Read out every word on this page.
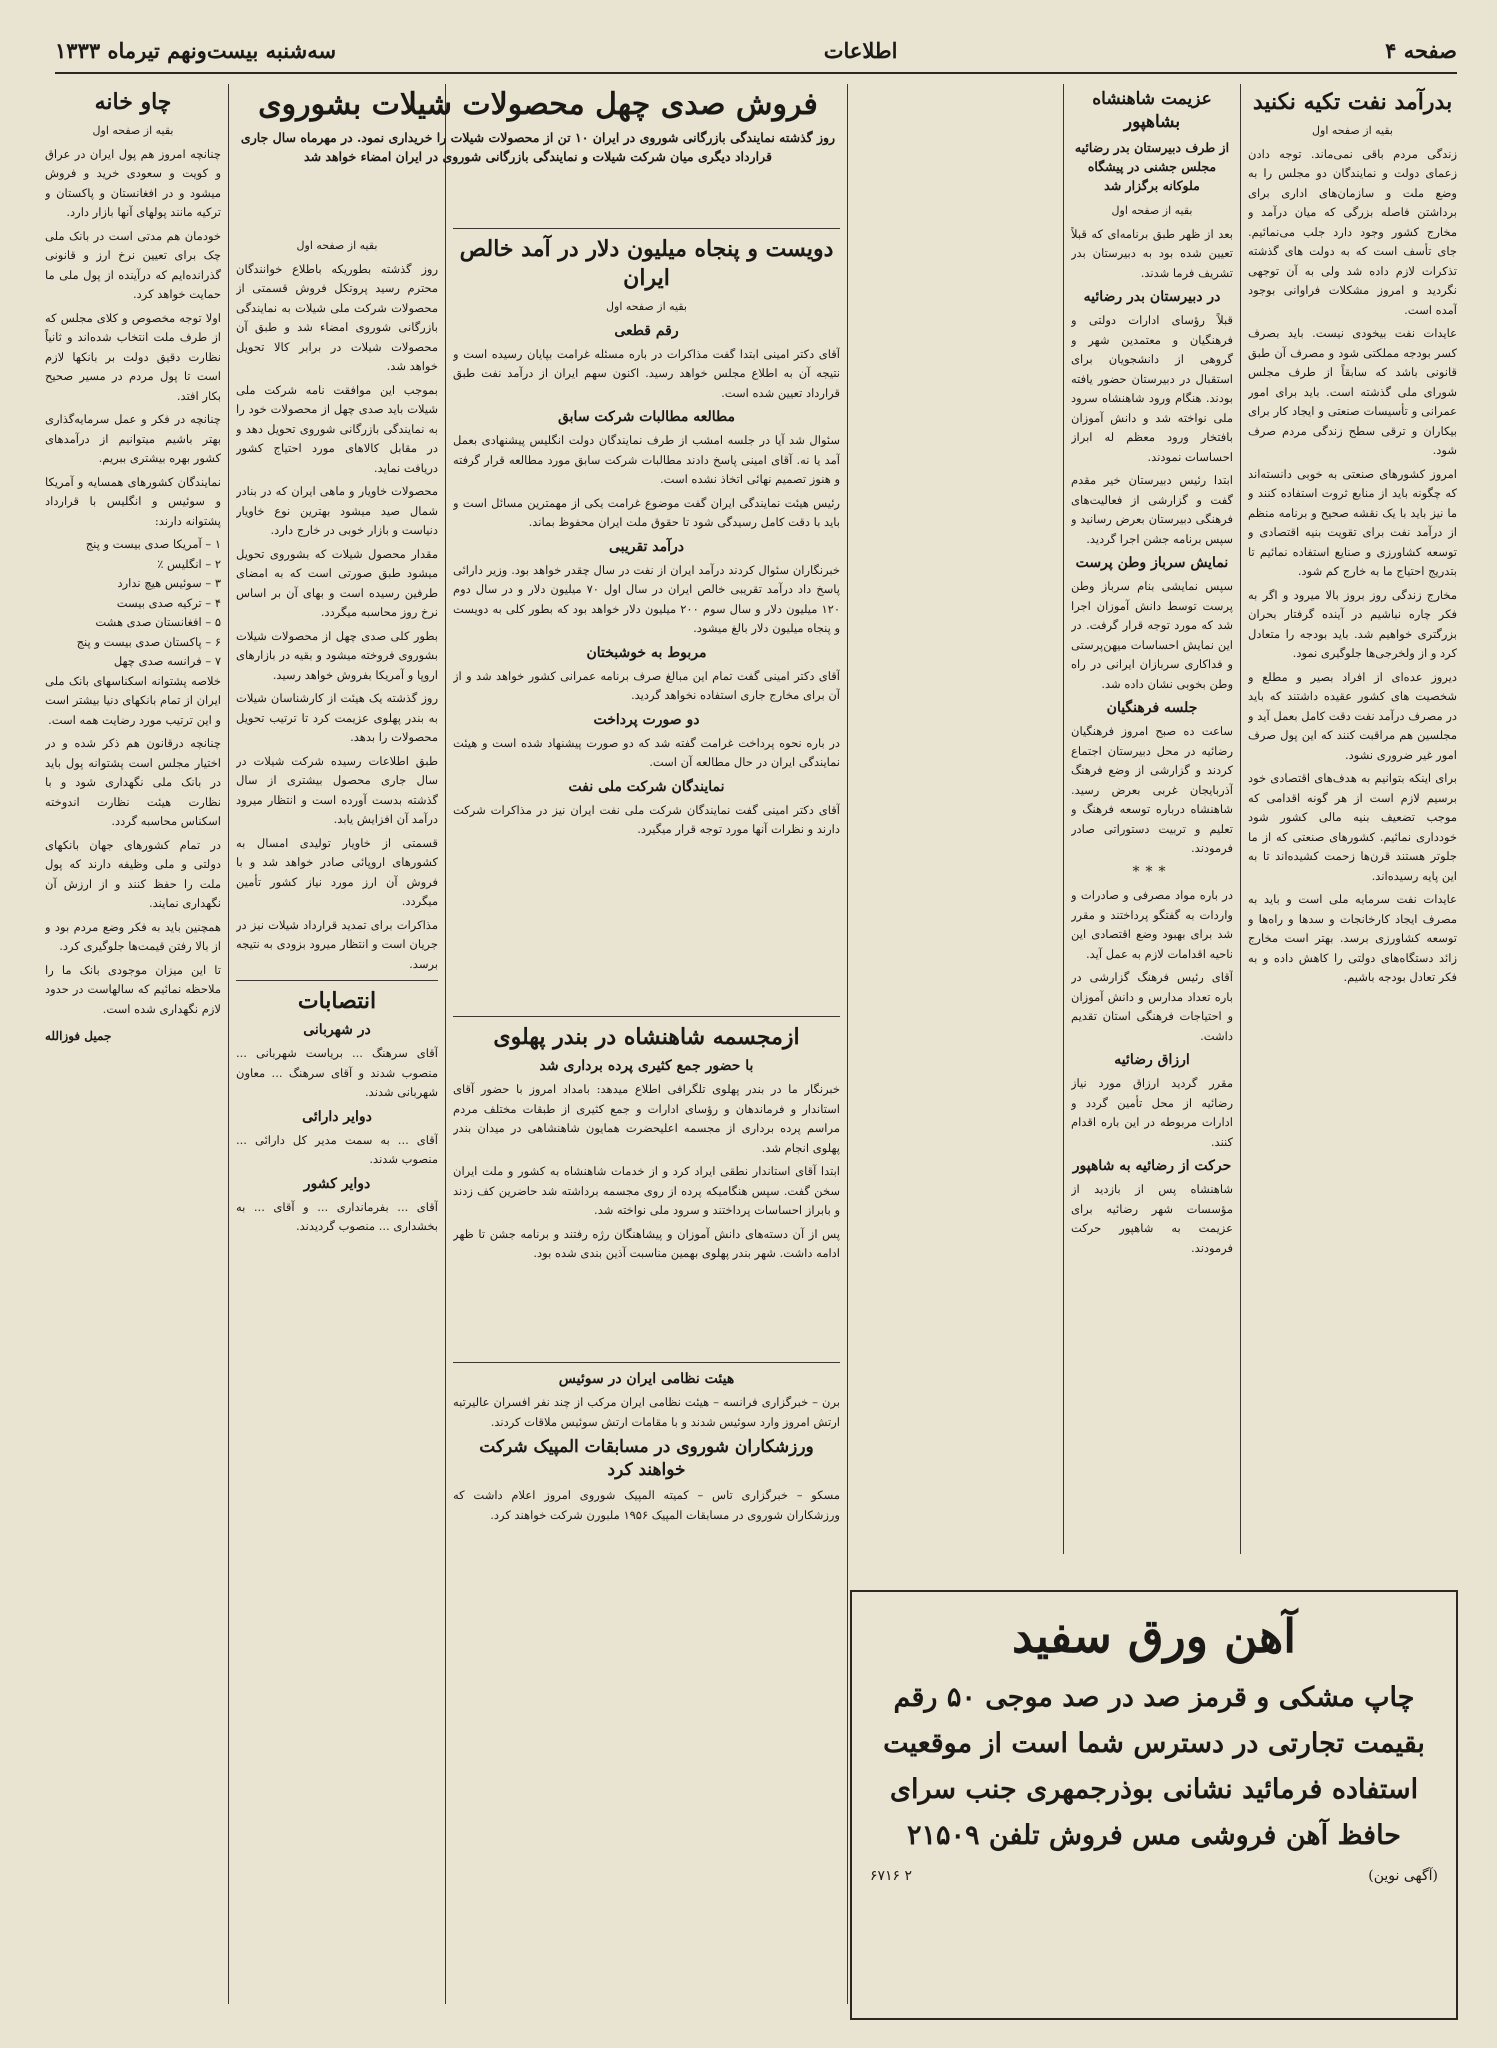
صفحه ۴
اطلاعات
سه‌شنبه بیست‌ونهم تیرماه ۱۳۳۳
بدرآمد نفت تکیه نکنید
بقیه از صفحه اول

زندگی مردم باقی نمی‌ماند. توجه دادن زعمای دولت و نمایندگان دو مجلس را به وضع ملت و سازمان‌های اداری برای برداشتن فاصله بزرگی که میان درآمد و مخارج کشور وجود دارد جلب می‌نمائیم. جای تأسف است که به دولت های گذشته تذکرات لازم داده شد ولی به آن توجهی نگردید و امروز مشکلات فراوانی بوجود آمده است.

عایدات نفت بیخودی نیست. باید بصرف کسر بودجه مملکتی شود و مصرف آن طبق قانونی باشد که سابقاً از طرف مجلس شورای ملی گذشته است. باید برای امور عمرانی و تأسیسات صنعتی و ایجاد کار برای بیکاران و ترقی سطح زندگی مردم صرف شود.

امروز کشورهای صنعتی به خوبی دانسته‌اند که چگونه باید از منابع ثروت استفاده کنند و ما نیز باید با یک نقشه صحیح و برنامه منظم از درآمد نفت برای تقویت بنیه اقتصادی و توسعه کشاورزی و صنایع استفاده نمائیم تا بتدریج احتیاج ما به خارج کم شود.

مخارج زندگی روز بروز بالا میرود و اگر به فکر چاره نباشیم در آینده گرفتار بحران بزرگتری خواهیم شد. باید بودجه را متعادل کرد و از ولخرجی‌ها جلوگیری نمود.

دیروز عده‌ای از افراد بصیر و مطلع و شخصیت های کشور عقیده داشتند که باید در مصرف درآمد نفت دقت کامل بعمل آید و مجلسین هم مراقبت کنند که این پول صرف امور غیر ضروری نشود.

برای اینکه بتوانیم به هدف‌های اقتصادی خود برسیم لازم است از هر گونه اقدامی که موجب تضعیف بنیه مالی کشور شود خودداری نمائیم. کشورهای صنعتی که از ما جلوتر هستند قرن‌ها زحمت کشیده‌اند تا به این پایه رسیده‌اند.

عایدات نفت سرمایه ملی است و باید به مصرف ایجاد کارخانجات و سدها و راه‌ها و توسعه کشاورزی برسد. بهتر است مخارج زائد دستگاه‌های دولتی را کاهش داده و به فکر تعادل بودجه باشیم.

عزیمت شاهنشاه بشاهپور
از طرف دبیرستان بدر رضائیه مجلس جشنی در پیشگاه ملوکانه برگزار شد
بقیه از صفحه اول

بعد از ظهر طبق برنامه‌ای که قبلاً تعیین شده بود به دبیرستان بدر تشریف فرما شدند.

در دبیرستان بدر رضائیه

قبلاً رؤسای ادارات دولتی و فرهنگیان و معتمدین شهر و گروهی از دانشجویان برای استقبال در دبیرستان حضور یافته بودند. هنگام ورود شاهنشاه سرود ملی نواخته شد و دانش آموزان بافتخار ورود معظم له ابراز احساسات نمودند.

ابتدا رئیس دبیرستان خیر مقدم گفت و گزارشی از فعالیت‌های فرهنگی دبیرستان بعرض رسانید و سپس برنامه جشن اجرا گردید.

نمایش سرباز وطن پرست

سپس نمایشی بنام سرباز وطن پرست توسط دانش آموزان اجرا شد که مورد توجه قرار گرفت. در این نمایش احساسات میهن‌پرستی و فداکاری سربازان ایرانی در راه وطن بخوبی نشان داده شد.

جلسه فرهنگیان

ساعت ده صبح امروز فرهنگیان رضائیه در محل دبیرستان اجتماع کردند و گزارشی از وضع فرهنگ آذربایجان غربی بعرض رسید. شاهنشاه درباره توسعه فرهنگ و تعلیم و تربیت دستوراتی صادر فرمودند.

***

در باره مواد مصرفی و صادرات و واردات به گفتگو پرداختند و مقرر شد برای بهبود وضع اقتصادی این ناحیه اقدامات لازم به عمل آید.

آقای رئیس فرهنگ گزارشی در باره تعداد مدارس و دانش آموزان و احتیاجات فرهنگی استان تقدیم داشت.

ارزاق رضائیه

مقرر گردید ارزاق مورد نیاز رضائیه از محل تأمین گردد و ادارات مربوطه در این باره اقدام کنند.

حرکت از رضائیه به شاهپور

شاهنشاه پس از بازدید از مؤسسات شهر رضائیه برای عزیمت به شاهپور حرکت فرمودند.

فروش صدی چهل محصولات شیلات بشوروی
روز گذشته نمایندگی بازرگانی شوروی در ایران ۱۰ تن از محصولات شیلات را خریداری نمود. در مهرماه سال جاری قرارداد دیگری میان شرکت شیلات و نمایندگی بازرگانی شوروی در ایران امضاء خواهد شد
دویست و پنجاه میلیون دلار در آمد خالص ایران
بقیه از صفحه اول
رقم قطعی

آقای دکتر امینی ابتدا گفت مذاکرات در باره مسئله غرامت بپایان رسیده است و نتیجه آن به اطلاع مجلس خواهد رسید. اکنون سهم ایران از درآمد نفت طبق قرارداد تعیین شده است.

مطالعه مطالبات شرکت سابق

سئوال شد آیا در جلسه امشب از طرف نمایندگان دولت انگلیس پیشنهادی بعمل آمد یا نه. آقای امینی پاسخ دادند مطالبات شرکت سابق مورد مطالعه قرار گرفته و هنوز تصمیم نهائی اتخاذ نشده است.

رئیس هیئت نمایندگی ایران گفت موضوع غرامت یکی از مهمترین مسائل است و باید با دقت کامل رسیدگی شود تا حقوق ملت ایران محفوظ بماند.

درآمد تقریبی

خبرنگاران سئوال کردند درآمد ایران از نفت در سال چقدر خواهد بود. وزیر دارائی پاسخ داد درآمد تقریبی خالص ایران در سال اول ۷۰ میلیون دلار و در سال دوم ۱۲۰ میلیون دلار و سال سوم ۲۰۰ میلیون دلار خواهد بود که بطور کلی به دویست و پنجاه میلیون دلار بالغ میشود.

مربوط به خوشبختان

آقای دکتر امینی گفت تمام این مبالغ صرف برنامه عمرانی کشور خواهد شد و از آن برای مخارج جاری استفاده نخواهد گردید.

دو صورت پرداخت

در باره نحوه پرداخت غرامت گفته شد که دو صورت پیشنهاد شده است و هیئت نمایندگی ایران در حال مطالعه آن است.

نمایندگان شرکت ملی نفت

آقای دکتر امینی گفت نمایندگان شرکت ملی نفت ایران نیز در مذاکرات شرکت دارند و نظرات آنها مورد توجه قرار میگیرد.

بقیه از صفحه اول

روز گذشته بطوریکه باطلاع خوانندگان محترم رسید پروتکل فروش قسمتی از محصولات شرکت ملی شیلات به نمایندگی بازرگانی شوروی امضاء شد و طبق آن محصولات شیلات در برابر کالا تحویل خواهد شد.

بموجب این موافقت نامه شرکت ملی شیلات باید صدی چهل از محصولات خود را به نمایندگی بازرگانی شوروی تحویل دهد و در مقابل کالاهای مورد احتیاج کشور دریافت نماید.

محصولات خاویار و ماهی ایران که در بنادر شمال صید میشود بهترین نوع خاویار دنیاست و بازار خوبی در خارج دارد.

مقدار محصول شیلات که بشوروی تحویل میشود طبق صورتی است که به امضای طرفین رسیده است و بهای آن بر اساس نرخ روز محاسبه میگردد.

بطور کلی صدی چهل از محصولات شیلات بشوروی فروخته میشود و بقیه در بازارهای اروپا و آمریکا بفروش خواهد رسید.

روز گذشته یک هیئت از کارشناسان شیلات به بندر پهلوی عزیمت کرد تا ترتیب تحویل محصولات را بدهد.

طبق اطلاعات رسیده شرکت شیلات در سال جاری محصول بیشتری از سال گذشته بدست آورده است و انتظار میرود درآمد آن افزایش یابد.

قسمتی از خاویار تولیدی امسال به کشورهای اروپائی صادر خواهد شد و با فروش آن ارز مورد نیاز کشور تأمین میگردد.

مذاکرات برای تمدید قرارداد شیلات نیز در جریان است و انتظار میرود بزودی به نتیجه برسد.

انتصابات
در شهربانی

آقای سرهنگ ... بریاست شهربانی ... منصوب شدند و آقای سرهنگ ... معاون شهربانی شدند.

دوایر دارائی

آقای ... به سمت مدیر کل دارائی ... منصوب شدند.

دوایر کشور

آقای ... بفرمانداری ... و آقای ... به بخشداری ... منصوب گردیدند.

چاو خانه
بقیه از صفحه اول

چنانچه امروز هم پول ایران در عراق و کویت و سعودی خرید و فروش میشود و در افغانستان و پاکستان و ترکیه مانند پولهای آنها بازار دارد.

خودمان هم مدتی است در بانک ملی چک برای تعیین نرخ ارز و قانونی گذرانده‌ایم که درآینده از پول ملی ما حمایت خواهد کرد.

اولا توجه مخصوص و کلای مجلس که از طرف ملت انتخاب شده‌اند و ثانیاً نظارت دقیق دولت بر بانکها لازم است تا پول مردم در مسیر صحیح بکار افتد.

چنانچه در فکر و عمل سرمایه‌گذاری بهتر باشیم میتوانیم از درآمدهای کشور بهره بیشتری ببریم.

نمایندگان کشورهای همسایه و آمریکا و سوئیس و انگلیس با قرارداد پشتوانه دارند:

۱ – آمریکا صدی بیست و پنج
۲ – انگلیس ٪
۳ – سوئیس هیچ ندارد
۴ – ترکیه صدی بیست
۵ – افغانستان صدی هشت
۶ – پاکستان صدی بیست و پنج
۷ – فرانسه صدی چهل

خلاصه پشتوانه اسکناسهای بانک ملی ایران از تمام بانکهای دنیا بیشتر است و این ترتیب مورد رضایت همه است.

چنانچه درقانون هم ذکر شده و در اختیار مجلس است پشتوانه پول باید در بانک ملی نگهداری شود و با نظارت هیئت نظارت اندوخته اسکناس محاسبه گردد.

در تمام کشورهای جهان بانکهای دولتی و ملی وظیفه دارند که پول ملت را حفظ کنند و از ارزش آن نگهداری نمایند.

همچنین باید به فکر وضع مردم بود و از بالا رفتن قیمت‌ها جلوگیری کرد.

تا این میزان موجودی بانک ما را ملاحظه نمائیم که سالهاست در حدود لازم نگهداری شده است.

جمیل فوزالله	ازمجسمه شاهنشاه در بندر پهلوی
با حضور جمع کثیری پرده برداری شد

خبرنگار ما در بندر پهلوی تلگرافی اطلاع میدهد: بامداد امروز با حضور آقای استاندار و فرماندهان و رؤسای ادارات و جمع کثیری از طبقات مختلف مردم مراسم پرده برداری از مجسمه اعلیحضرت همایون شاهنشاهی در میدان بندر پهلوی انجام شد.

ابتدا آقای استاندار نطقی ایراد کرد و از خدمات شاهنشاه به کشور و ملت ایران سخن گفت. سپس هنگامیکه پرده از روی مجسمه برداشته شد حاضرین کف زدند و بابراز احساسات پرداختند و سرود ملی نواخته شد.

پس از آن دسته‌های دانش آموزان و پیشاهنگان رژه رفتند و برنامه جشن تا ظهر ادامه داشت. شهر بندر پهلوی بهمین مناسبت آذین بندی شده بود.

هیئت نظامی ایران در سوئیس
برن – خبرگزاری فرانسه – هیئت نظامی ایران مرکب از چند نفر افسران عالیرتبه ارتش امروز وارد سوئیس شدند و با مقامات ارتش سوئیس ملاقات کردند.
ورزشکاران شوروی در مسابقات المپیک شرکت خواهند کرد
مسکو – خبرگزاری تاس – کمیته المپیک شوروی امروز اعلام داشت که ورزشکاران شوروی در مسابقات المپیک ۱۹۵۶ ملبورن شرکت خواهند کرد.
آهن ورق سفید
چاپ مشکی و قرمز صد در صد موجی ۵۰ رقم
بقیمت تجارتی در دسترس شما است از موقعیت
استفاده فرمائید نشانی بوذرجمهری جنب سرای
حافظ آهن فروشی مس فروش تلفن ۲۱۵۰۹
(آگهی نوین)
۲ ۶۷۱۶
